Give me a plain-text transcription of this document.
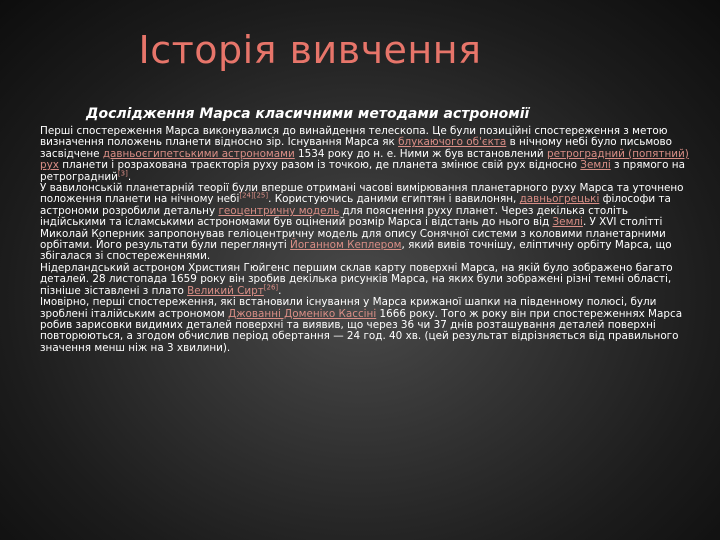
Історія вивчення
Дослідження Марса класичними методами астрономії

Перші спостереження Марса виконувалися до винайдення телескопа. Це були позиційні спостереження з метою визначення положень планети відносно зір. Існування Марса як блукаючого об'єкта в нічному небі було письмово засвідчене давньоєгипетськими астрономами 1534 року до н. е. Ними ж був встановлений ретроградний (попятний) рух планети і розрахована траєкторія руху разом із точкою, де планета змінює свій рух відносно Землі з прямого на ретроградний[3].

У вавилонській планетарній теорії були вперше отримані часові вимірювання планетарного руху Марса та уточнено положення планети на нічному небі[24][25]. Користуючись даними єгиптян і вавилонян, давньогрецькі філософи та астрономи розробили детальну геоцентричну модель для пояснення руху планет. Через декілька століть індійськими та ісламськими астрономами був оцінений розмір Марса і відстань до нього від Землі. У XVI столітті Миколай Коперник запропонував геліоцентричну модель для опису Сонячної системи з коловими планетарними орбітами. Його результати були переглянуті Йоганном Кеплером, який вивів точнішу, еліптичну орбіту Марса, що збігалася зі спостереженнями.

Нідерландський астроном Християн Гюйгенс першим склав карту поверхні Марса, на якій було зображено багато деталей. 28 листопада 1659 року він зробив декілька рисунків Марса, на яких були зображені різні темні області, пізніше зіставлені з плато Великий Сирт[26].

Імовірно, перші спостереження, які встановили існування у Марса крижаної шапки на південному полюсі, були зроблені італійським астрономом Джованні Доменіко Кассіні 1666 року. Того ж року він при спостереженнях Марса робив зарисовки видимих деталей поверхні та виявив, що через 36 чи 37 днів розташування деталей поверхні повторюються, а згодом обчислив період обертання — 24 год. 40 хв. (цей результат відрізняється від правильного значення менш ніж на 3 хвилини).
